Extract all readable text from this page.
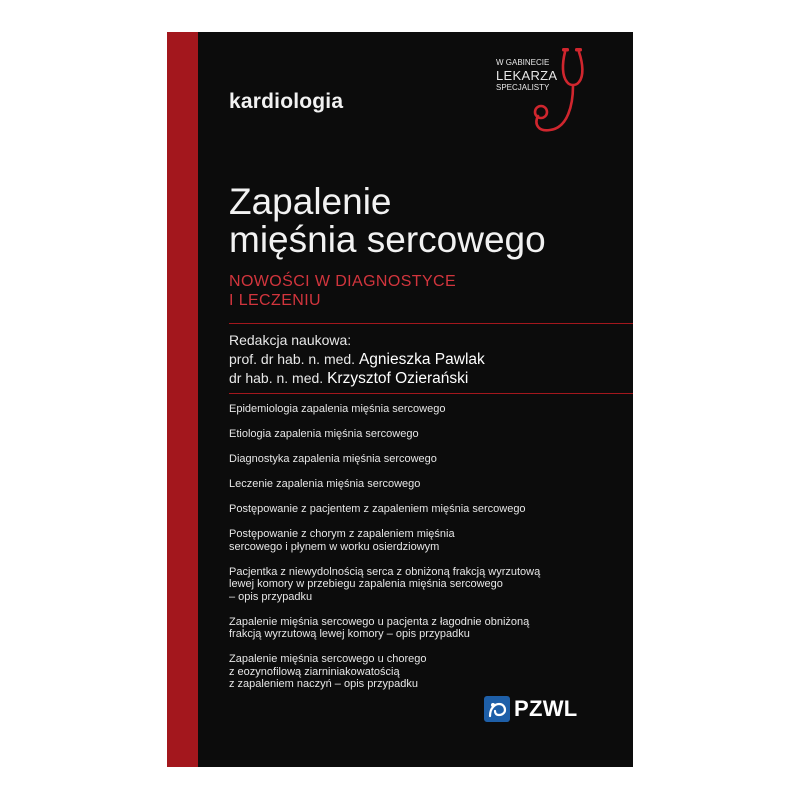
kardiologia
W GABINECIE
LEKARZA
SPECJALISTY
Zapalenie
mięśnia sercowego
NOWOŚCI W DIAGNOSTYCE
I LECZENIU
Redakcja naukowa:
prof. dr hab. n. med. Agnieszka Pawlak
dr hab. n. med. Krzysztof Ozierański
Epidemiologia zapalenia mięśnia sercowego
Etiologia zapalenia mięśnia sercowego
Diagnostyka zapalenia mięśnia sercowego
Leczenie zapalenia mięśnia sercowego
Postępowanie z pacjentem z zapaleniem mięśnia sercowego
Postępowanie z chorym z zapaleniem mięśnia
sercowego i płynem w worku osierdziowym
Pacjentka z niewydolnością serca z obniżoną frakcją wyrzutową
lewej komory w przebiegu zapalenia mięśnia sercowego
– opis przypadku
Zapalenie mięśnia sercowego u pacjenta z łagodnie obniżoną
frakcją wyrzutową lewej komory – opis przypadku
Zapalenie mięśnia sercowego u chorego
z eozynofilową ziarniniakowatością
z zapaleniem naczyń – opis przypadku
PZWL
